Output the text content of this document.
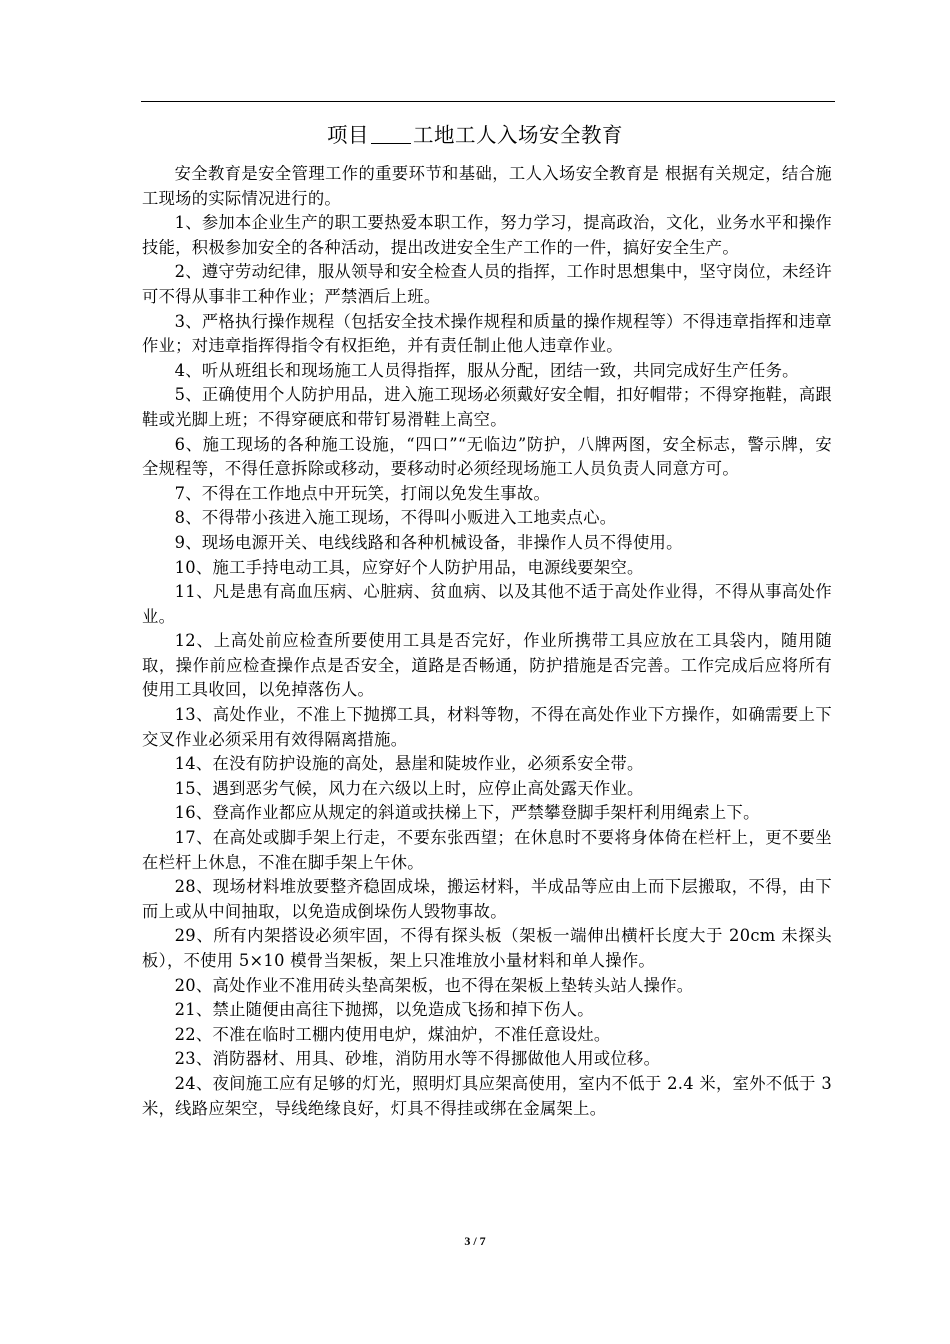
项目 工地工人入场安全教育

安全教育是安全管理工作的重要环节和基础，工人入场安全教育是 根据有关规定，结合施工现场的实际情况进行的。

1、参加本企业生产的职工要热爱本职工作，努力学习，提高政治，文化，业务水平和操作技能，积极参加安全的各种活动，提出改进安全生产工作的一件，搞好安全生产。

2、遵守劳动纪律，服从领导和安全检查人员的指挥，工作时思想集中，坚守岗位，未经许可不得从事非工种作业；严禁酒后上班。

3、严格执行操作规程（包括安全技术操作规程和质量的操作规程等）不得违章指挥和违章作业；对违章指挥得指令有权拒绝，并有责任制止他人违章作业。

4、听从班组长和现场施工人员得指挥，服从分配，团结一致，共同完成好生产任务。

5、正确使用个人防护用品，进入施工现场必须戴好安全帽，扣好帽带；不得穿拖鞋，高跟鞋或光脚上班；不得穿硬底和带钉易滑鞋上高空。

6、施工现场的各种施工设施，“四口”“无临边”防护，八牌两图，安全标志，警示牌，安全规程等，不得任意拆除或移动，要移动时必须经现场施工人员负责人同意方可。

7、不得在工作地点中开玩笑，打闹以免发生事故。

8、不得带小孩进入施工现场，不得叫小贩进入工地卖点心。

9、现场电源开关、电线线路和各种机械设备，非操作人员不得使用。

10、施工手持电动工具，应穿好个人防护用品，电源线要架空。

11、凡是患有高血压病、心脏病、贫血病、以及其他不适于高处作业得，不得从事高处作业。

12、上高处前应检查所要使用工具是否完好，作业所携带工具应放在工具袋内，随用随取，操作前应检查操作点是否安全，道路是否畅通，防护措施是否完善。工作完成后应将所有使用工具收回，以免掉落伤人。

13、高处作业，不准上下抛掷工具，材料等物，不得在高处作业下方操作，如确需要上下交叉作业必须采用有效得隔离措施。

14、在没有防护设施的高处，悬崖和陡坡作业，必须系安全带。

15、遇到恶劣气候，风力在六级以上时，应停止高处露天作业。

16、登高作业都应从规定的斜道或扶梯上下，严禁攀登脚手架杆利用绳索上下。

17、在高处或脚手架上行走，不要东张西望；在休息时不要将身体倚在栏杆上，更不要坐在栏杆上休息，不准在脚手架上午休。

28、现场材料堆放要整齐稳固成垛，搬运材料，半成品等应由上而下层搬取，不得，由下而上或从中间抽取，以免造成倒垛伤人毁物事故。

29、所有内架搭设必须牢固，不得有探头板（架板一端伸出横杆长度大于 20cm 未探头板），不使用 5×10 模骨当架板，架上只准堆放小量材料和单人操作。

20、高处作业不准用砖头垫高架板，也不得在架板上垫转头站人操作。

21、禁止随便由高往下抛掷，以免造成飞扬和掉下伤人。

22、不准在临时工棚内使用电炉，煤油炉，不准任意设灶。

23、消防器材、用具、砂堆，消防用水等不得挪做他人用或位移。

24、夜间施工应有足够的灯光，照明灯具应架高使用，室内不低于 2.4 米，室外不低于 3 米，线路应架空，导线绝缘良好，灯具不得挂或绑在金属架上。

3 / 7
